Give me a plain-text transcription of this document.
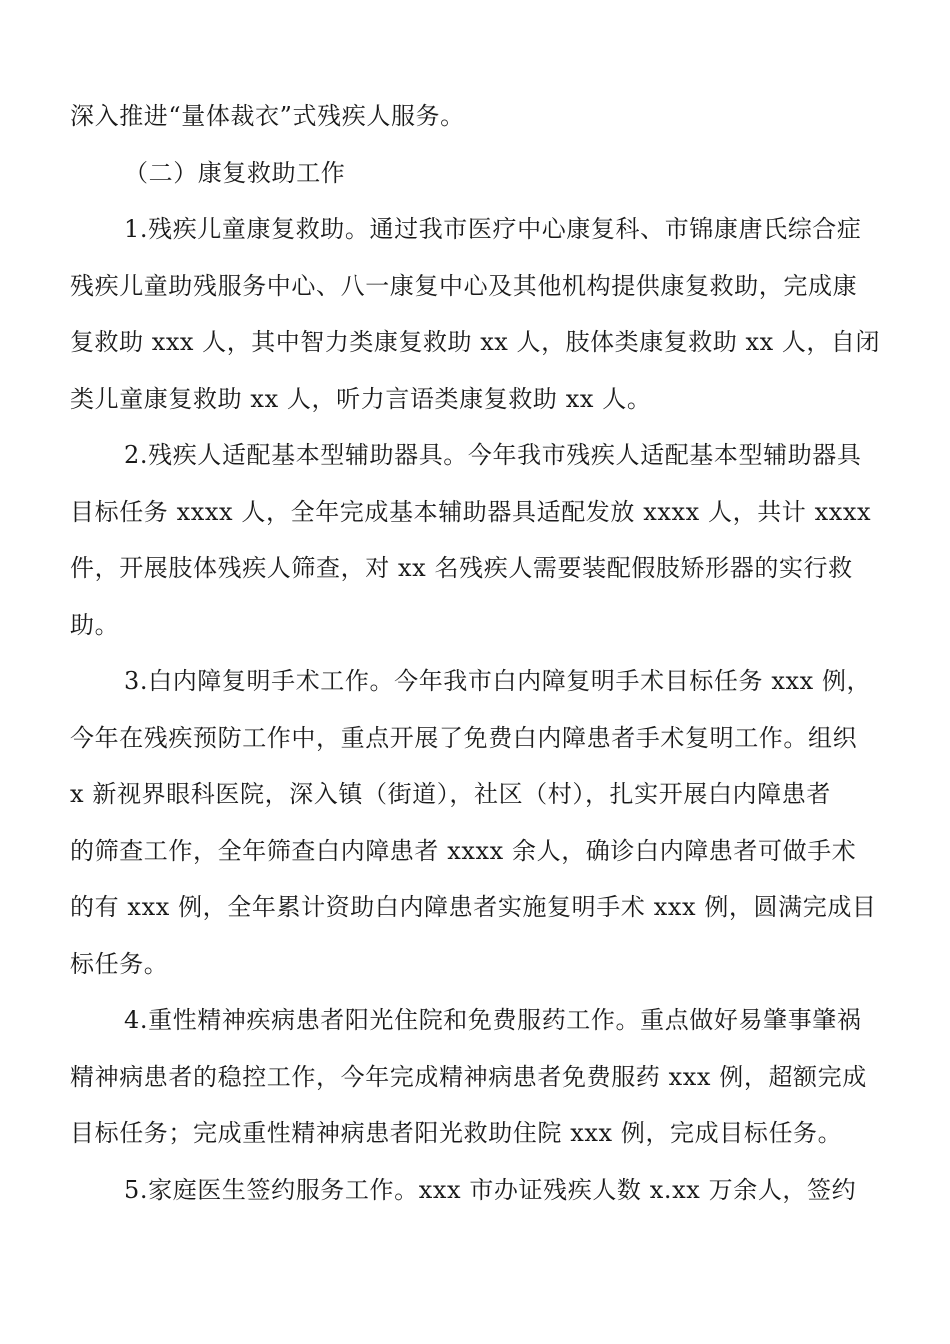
深入推进“量体裁衣”式残疾人服务。
（二）康复救助工作
1.残疾儿童康复救助。通过我市医疗中心康复科、市锦康唐氏综合症
残疾儿童助残服务中心、八一康复中心及其他机构提供康复救助，完成康
复救助 xxx 人，其中智力类康复救助 xx 人，肢体类康复救助 xx 人，自闭
类儿童康复救助 xx 人，听力言语类康复救助 xx 人。
2.残疾人适配基本型辅助器具。今年我市残疾人适配基本型辅助器具
目标任务 xxxx 人，全年完成基本辅助器具适配发放 xxxx 人，共计 xxxx
件，开展肢体残疾人筛查，对 xx 名残疾人需要装配假肢矫形器的实行救
助。
3.白内障复明手术工作。今年我市白内障复明手术目标任务 xxx 例，
今年在残疾预防工作中，重点开展了免费白内障患者手术复明工作。组织
x 新视界眼科医院，深入镇（街道），社区（村），扎实开展白内障患者
的筛查工作，全年筛查白内障患者 xxxx 余人，确诊白内障患者可做手术
的有 xxx 例，全年累计资助白内障患者实施复明手术 xxx 例，圆满完成目
标任务。
4.重性精神疾病患者阳光住院和免费服药工作。重点做好易肇事肇祸
精神病患者的稳控工作，今年完成精神病患者免费服药 xxx 例，超额完成
目标任务；完成重性精神病患者阳光救助住院 xxx 例，完成目标任务。
5.家庭医生签约服务工作。xxx 市办证残疾人数 x.xx 万余人，签约
